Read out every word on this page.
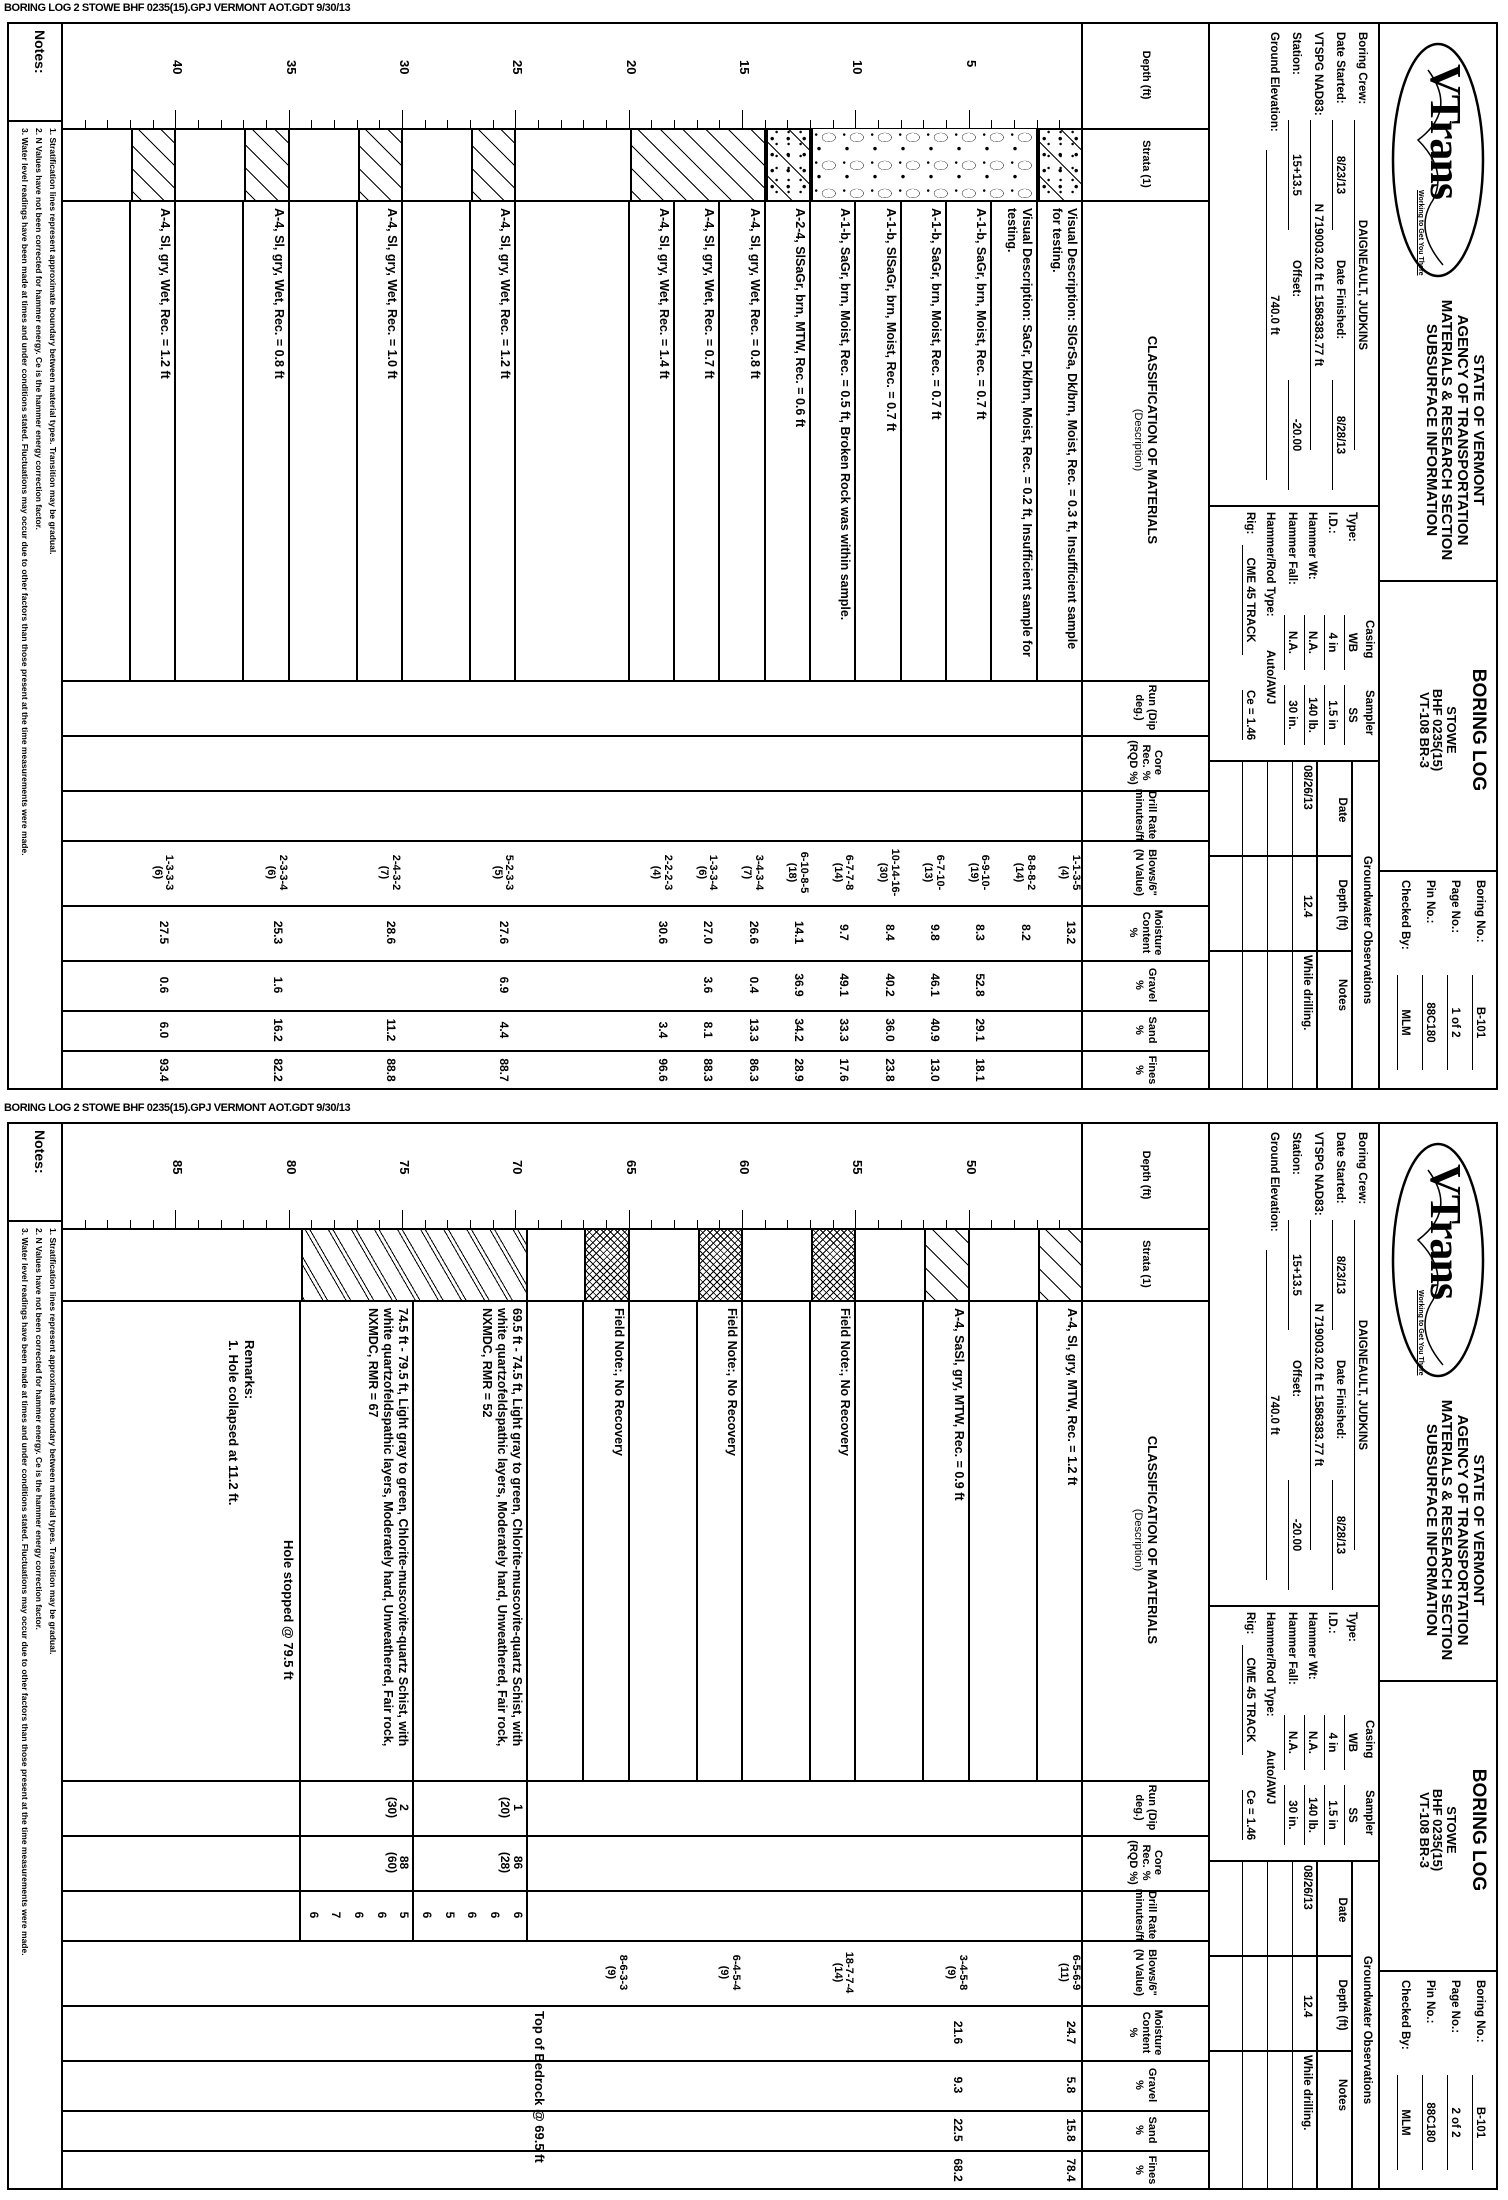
VTrans
Working to Get You There
STATE OF VERMONT
AGENCY OF TRANSPORTATION
MATERIALS & RESEARCH SECTION
SUBSURFACE INFORMATION
BORING LOG
STOWE
BHF 0235(15)
VT-108 BR-3
Boring No.:
B-101
Page No.:
1 of 2
Pin No.:
88C180
Checked By:
MLM
Boring Crew:
DAIGNEAULT, JUDKINS
Date Started:
8/23/13
Date Finished:
8/28/13
VTSPG NAD83:
N 719003.02 ft E 1586383.77 ft
Station:
15+13.5
Offset:
-20.00
Ground Elevation:
740.0 ft
Casing
Sampler
Type:
WB
SS
I.D.:
4 in
1.5 in
Hammer Wt:
N.A.
140 lb.
Hammer Fall:
N.A.
30 in.
Hammer/Rod Type:
Auto/AWJ
Rig:
CME 45 TRACK
Ce = 1.46
Groundwater Observations
Date
Depth (ft)
Notes
08/26/13
12.4
While drilling.
Depth (ft)
Strata (1)
CLASSIFICATION OF MATERIALS
(Description)
Run (Dip deg.)
Core Rec. % (RQD %)
Drill Rate minutes/ft
Blows/6" (N Value)
Moisture Content %
Gravel %
Sand %
Fines %
5
10
15
20
25
30
35
40
Visual Description: SlGrSa, Dk/brn, Moist, Rec. = 0.3 ft, Insufficient sample for testing.
1-1-3-5
(4)
13.2
Visual Description: SaGr, Dk/brn, Moist, Rec. = 0.2 ft, Insufficient sample for testing.
8-8-8-2
(14)
8.2
A-1-b, SaGr, brn, Moist, Rec. = 0.7 ft
6-9-10-
(19)
8.3
52.8
29.1
18.1
A-1-b, SaGr, brn, Moist, Rec. = 0.7 ft
6-7-10-
(13)
9.8
46.1
40.9
13.0
A-1-b, SlSaGr, brn, Moist, Rec. = 0.7 ft
10-14-16-
(30)
8.4
40.2
36.0
23.8
A-1-b, SaGr, brn, Moist, Rec. = 0.5 ft, Broken Rock was within sample.
6-7-7-8
(14)
9.7
49.1
33.3
17.6
A-2-4, SlSaGr, brn, MTW, Rec. = 0.6 ft
6-10-8-5
(18)
14.1
36.9
34.2
28.9
A-4, Sl, gry, Wet, Rec. = 0.8 ft
3-4-3-4
(7)
26.6
0.4
13.3
86.3
A-4, Sl, gry, Wet, Rec. = 0.7 ft
1-3-3-4
(6)
27.0
3.6
8.1
88.3
A-4, Sl, gry, Wet, Rec. = 1.4 ft
2-2-2-3
(4)
30.6
3.4
96.6
A-4, Sl, gry, Wet, Rec. = 1.2 ft
5-2-3-3
(5)
27.6
6.9
4.4
88.7
A-4, Sl, gry, Wet, Rec. = 1.0 ft
2-4-3-2
(7)
28.6
11.2
88.8
A-4, Sl, gry, Wet, Rec. = 0.8 ft
2-3-3-4
(6)
25.3
1.6
16.2
82.2
A-4, Sl, gry, Wet, Rec. = 1.2 ft
1-3-3-3
(6)
27.5
0.6
6.0
93.4
Notes:
1. Stratification lines represent approximate boundary between material types. Transition may be gradual.
2. N Values have not been corrected for hammer energy. Ce is the hammer energy correction factor.
3. Water level readings have been made at times and under conditions stated. Fluctuations may occur due to other factors than those present at the time measurements were made.
BORING LOG 2 STOWE BHF 0235(15).GPJ VERMONT AOT.GDT 9/30/13
VTrans
Working to Get You There
STATE OF VERMONT
AGENCY OF TRANSPORTATION
MATERIALS & RESEARCH SECTION
SUBSURFACE INFORMATION
BORING LOG
STOWE
BHF 0235(15)
VT-108 BR-3
Boring No.:
B-101
Page No.:
2 of 2
Pin No.:
88C180
Checked By:
MLM
Boring Crew:
DAIGNEAULT, JUDKINS
Date Started:
8/23/13
Date Finished:
8/28/13
VTSPG NAD83:
N 719003.02 ft E 1586383.77 ft
Station:
15+13.5
Offset:
-20.00
Ground Elevation:
740.0 ft
Casing
Sampler
Type:
WB
SS
I.D.:
4 in
1.5 in
Hammer Wt:
N.A.
140 lb.
Hammer Fall:
N.A.
30 in.
Hammer/Rod Type:
Auto/AWJ
Rig:
CME 45 TRACK
Ce = 1.46
Groundwater Observations
Date
Depth (ft)
Notes
08/26/13
12.4
While drilling.
Depth (ft)
Strata (1)
CLASSIFICATION OF MATERIALS
(Description)
Run (Dip deg.)
Core Rec. % (RQD %)
Drill Rate minutes/ft
Blows/6" (N Value)
Moisture Content %
Gravel %
Sand %
Fines %
50
55
60
65
70
75
80
85
A-4, Sl, gry, MTW, Rec. = 1.2 ft
6-5-6-9
(11)
24.7
5.8
15.8
78.4
A-4, SaSl, gry, MTW, Rec. = 0.9 ft
3-4-5-8
(9)
21.6
9.3
22.5
68.2
Field Note:, No Recovery
18-7-7-4
(14)
Field Note:, No Recovery
6-4-5-4
(9)
Field Note:, No Recovery
8-6-3-3
(9)
69.5 ft - 74.5 ft, Light gray to green, Chlorite-muscovite-quartz Schist, with white quartzofeldspathic layers, Moderately hard, Unweathered, Fair rock, NXMDC, RMR = 52
1
(20)
86
(28)
6
6
6
5
6
74.5 ft - 79.5 ft, Light gray to green, Chlorite-muscovite-quartz Schist, with white quartzofeldspathic layers, Moderately hard, Unweathered, Fair rock, NXMDC, RMR = 67
2
(30)
88
(60)
5
6
6
7
6
Top of Bedrock @ 69.5 ft
Hole stopped @ 79.5 ft
Remarks:
1. Hole collapsed at 11.2 ft.
Notes:
1. Stratification lines represent approximate boundary between material types. Transition may be gradual.
2. N Values have not been corrected for hammer energy. Ce is the hammer energy correction factor.
3. Water level readings have been made at times and under conditions stated. Fluctuations may occur due to other factors than those present at the time measurements were made.
BORING LOG 2 STOWE BHF 0235(15).GPJ VERMONT AOT.GDT 9/30/13
